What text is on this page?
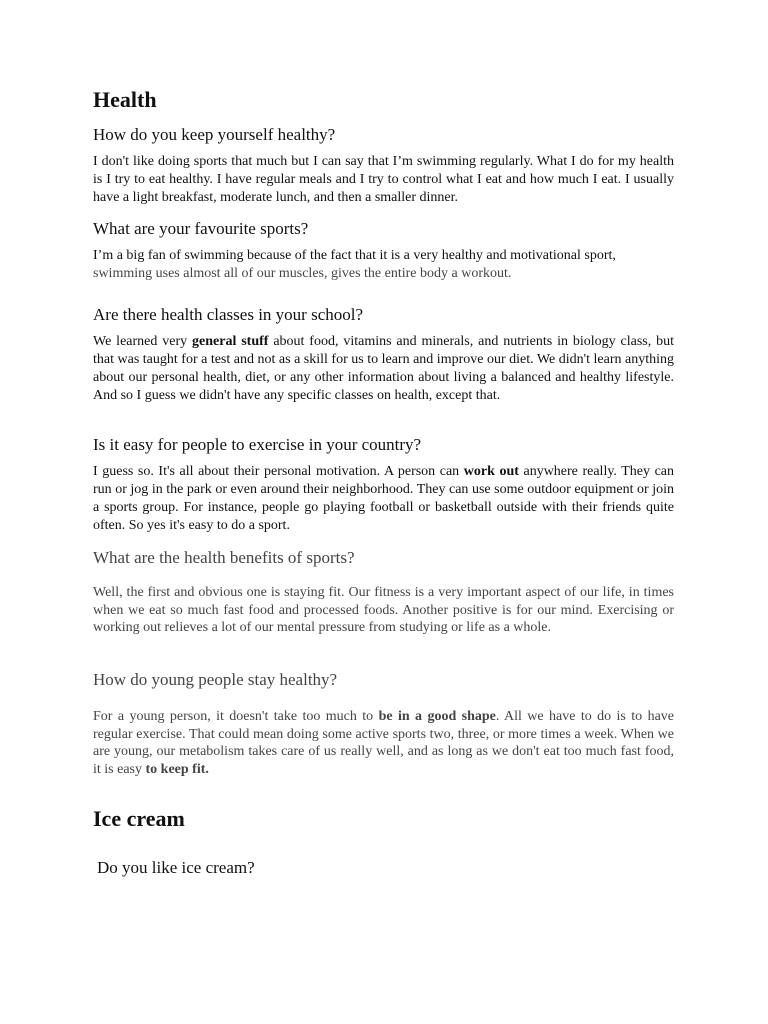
Health
How do you keep yourself healthy?

I don't like doing sports that much but I can say that I’m swimming regularly. What I do for my health is I try to eat healthy. I have regular meals and I try to control what I eat and how much I eat. I usually have a light breakfast, moderate lunch, and then a smaller dinner.

What are your favourite sports?

I’m a big fan of swimming because of the fact that it is a very healthy and motivational sport,

swimming uses almost all of our muscles, gives the entire body a workout.

Are there health classes in your school?

We learned very general stuff about food, vitamins and minerals, and nutrients in biology class, but that was taught for a test and not as a skill for us to learn and improve our diet. We didn't learn anything about our personal health, diet, or any other information about living a balanced and healthy lifestyle. And so I guess we didn't have any specific classes on health, except that.

Is it easy for people to exercise in your country?

I guess so. It's all about their personal motivation. A person can work out anywhere really. They can run or jog in the park or even around their neighborhood. They can use some outdoor equipment or join a sports group. For instance, people go playing football or basketball outside with their friends quite often. So yes it's easy to do a sport.

What are the health benefits of sports?

Well, the first and obvious one is staying fit. Our fitness is a very important aspect of our life, in times when we eat so much fast food and processed foods. Another positive is for our mind. Exercising or working out relieves a lot of our mental pressure from studying or life as a whole.

How do young people stay healthy?

For a young person, it doesn't take too much to be in a good shape. All we have to do is to have regular exercise. That could mean doing some active sports two, three, or more times a week. When we are young, our metabolism takes care of us really well, and as long as we don't eat too much fast food, it is easy to keep fit.

Ice cream
Do you like ice cream?
